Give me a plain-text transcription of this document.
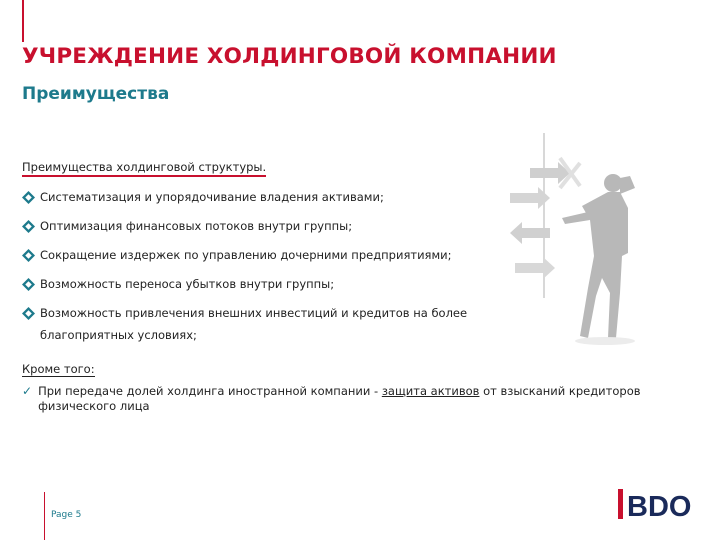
УЧРЕЖДЕНИЕ ХОЛДИНГОВОЙ КОМПАНИИ
Преимущества
Преимущества холдинговой структуры.
Систематизация и упорядочивание владения активами;
Оптимизация финансовых потоков внутри группы;
Сокращение издержек по управлению дочерними предприятиями;
Возможность переноса убытков внутри группы;
Возможность привлечения внешних инвестиций и кредитов на более благоприятных условиях;
Кроме того:
✓ При передаче долей холдинга иностранной компании - защита активов от взысканий кредиторов физического лица
Page 5	BDO
